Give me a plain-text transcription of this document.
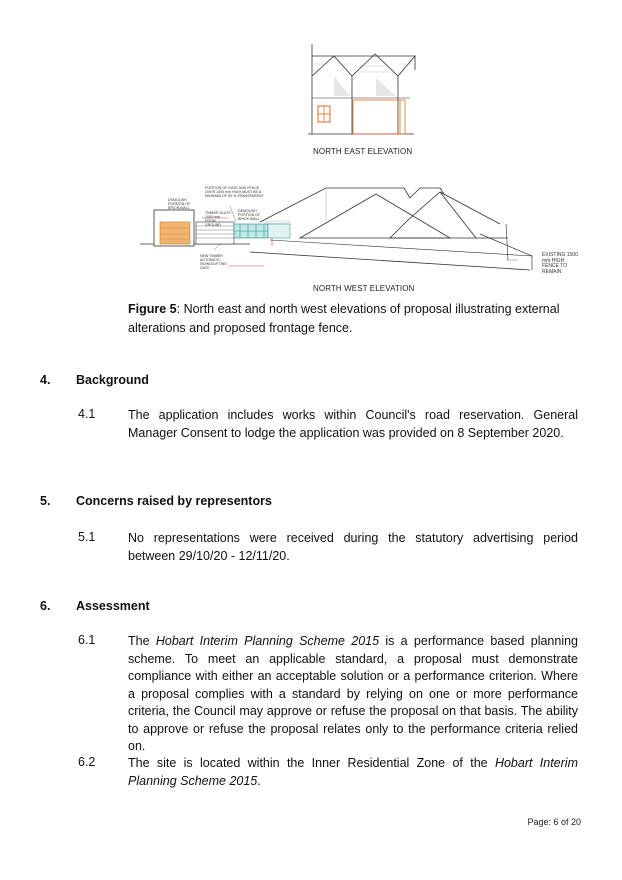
NORTH EAST ELEVATION
PORTION OF GATE AND FENCE OVER 1200 mm HIGH MUST BE A MINIMUM OF 50 % TRANSPARENT
DEMOLISH PORTION OF BRICK WALL
DEMOLISH PORTION OF BRICK WALL
TIMBER SLATS 1000 mm FROM GROUND
NEW TIMBER AUTOMATIC SWING/LIFTING GATE
EXISTING 1500 mm HIGH FENCE TO REMAIN
NORTH WEST ELEVATION
Figure 5: North east and north west elevations of proposal illustrating external alterations and proposed frontage fence.
4. Background
4.1	The application includes works within Council's road reservation. General Manager Consent to lodge the application was provided on 8 September 2020.
5. Concerns raised by representors
5.1	No representations were received during the statutory advertising period between 29/10/20 - 12/11/20.
6. Assessment
6.1	The Hobart Interim Planning Scheme 2015 is a performance based planning scheme. To meet an applicable standard, a proposal must demonstrate compliance with either an acceptable solution or a performance criterion. Where a proposal complies with a standard by relying on one or more performance criteria, the Council may approve or refuse the proposal on that basis. The ability to approve or refuse the proposal relates only to the performance criteria relied on.
6.2	The site is located within the Inner Residential Zone of the Hobart Interim Planning Scheme 2015.
Page: 6 of 20
